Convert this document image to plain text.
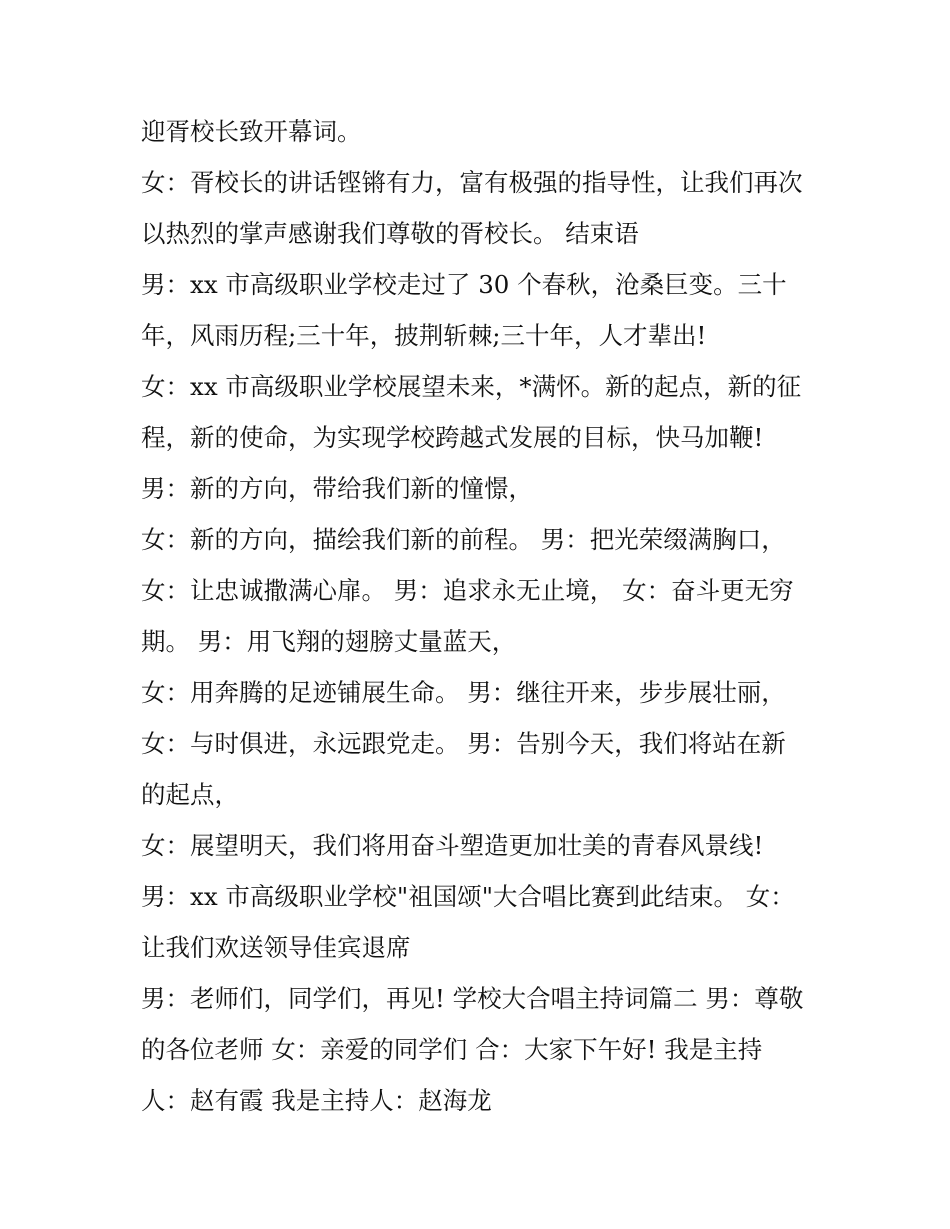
迎胥校长致开幕词。
女：胥校长的讲话铿锵有力，富有极强的指导性，让我们再次
以热烈的掌声感谢我们尊敬的胥校长。 结束语
男：xx 市高级职业学校走过了 30 个春秋，沧桑巨变。三十
年，风雨历程;三十年，披荆斩棘;三十年，人才辈出!
女：xx 市高级职业学校展望未来，*满怀。新的起点，新的征
程，新的使命，为实现学校跨越式发展的目标，快马加鞭!
男：新的方向，带给我们新的憧憬，
女：新的方向，描绘我们新的前程。 男：把光荣缀满胸口，
女：让忠诚撒满心扉。 男：追求永无止境， 女：奋斗更无穷
期。 男：用飞翔的翅膀丈量蓝天，
女：用奔腾的足迹铺展生命。 男：继往开来，步步展壮丽，
女：与时俱进，永远跟党走。 男：告别今天，我们将站在新
的起点，
女：展望明天，我们将用奋斗塑造更加壮美的青春风景线!
男：xx 市高级职业学校"祖国颂"大合唱比赛到此结束。 女：
让我们欢送领导佳宾退席
男：老师们，同学们，再见! 学校大合唱主持词篇二 男：尊敬
的各位老师 女：亲爱的同学们 合：大家下午好! 我是主持
人：赵有霞 我是主持人：赵海龙
